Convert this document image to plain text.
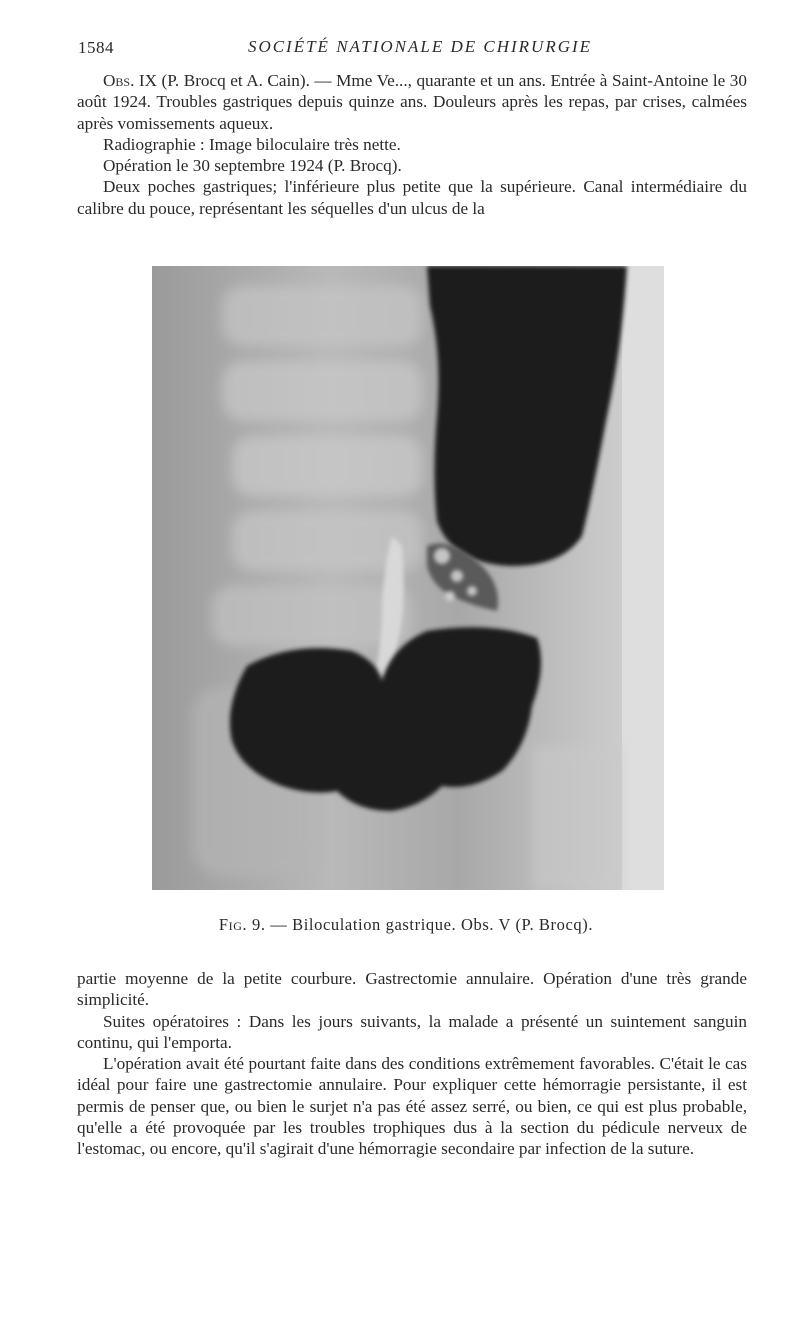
1584	SOCIÉTÉ NATIONALE DE CHIRURGIE

Obs. IX (P. Brocq et A. Cain). — Mme Ve..., quarante et un ans. Entrée à Saint-Antoine le 30 août 1924. Troubles gastriques depuis quinze ans. Douleurs après les repas, par crises, calmées après vomissements aqueux.

Radiographie : Image biloculaire très nette.

Opération le 30 septembre 1924 (P. Brocq).

Deux poches gastriques; l'inférieure plus petite que la supérieure. Canal intermédiaire du calibre du pouce, représentant les séquelles d'un ulcus de la

Fig. 9. — Biloculation gastrique. Obs. V (P. Brocq).

partie moyenne de la petite courbure. Gastrectomie annulaire. Opération d'une très grande simplicité.

Suites opératoires : Dans les jours suivants, la malade a présenté un suintement sanguin continu, qui l'emporta.

L'opération avait été pourtant faite dans des conditions extrêmement favorables. C'était le cas idéal pour faire une gastrectomie annulaire. Pour expliquer cette hémorragie persistante, il est permis de penser que, ou bien le surjet n'a pas été assez serré, ou bien, ce qui est plus probable, qu'elle a été provoquée par les troubles trophiques dus à la section du pédicule nerveux de l'estomac, ou encore, qu'il s'agirait d'une hémorragie secondaire par infection de la suture.
